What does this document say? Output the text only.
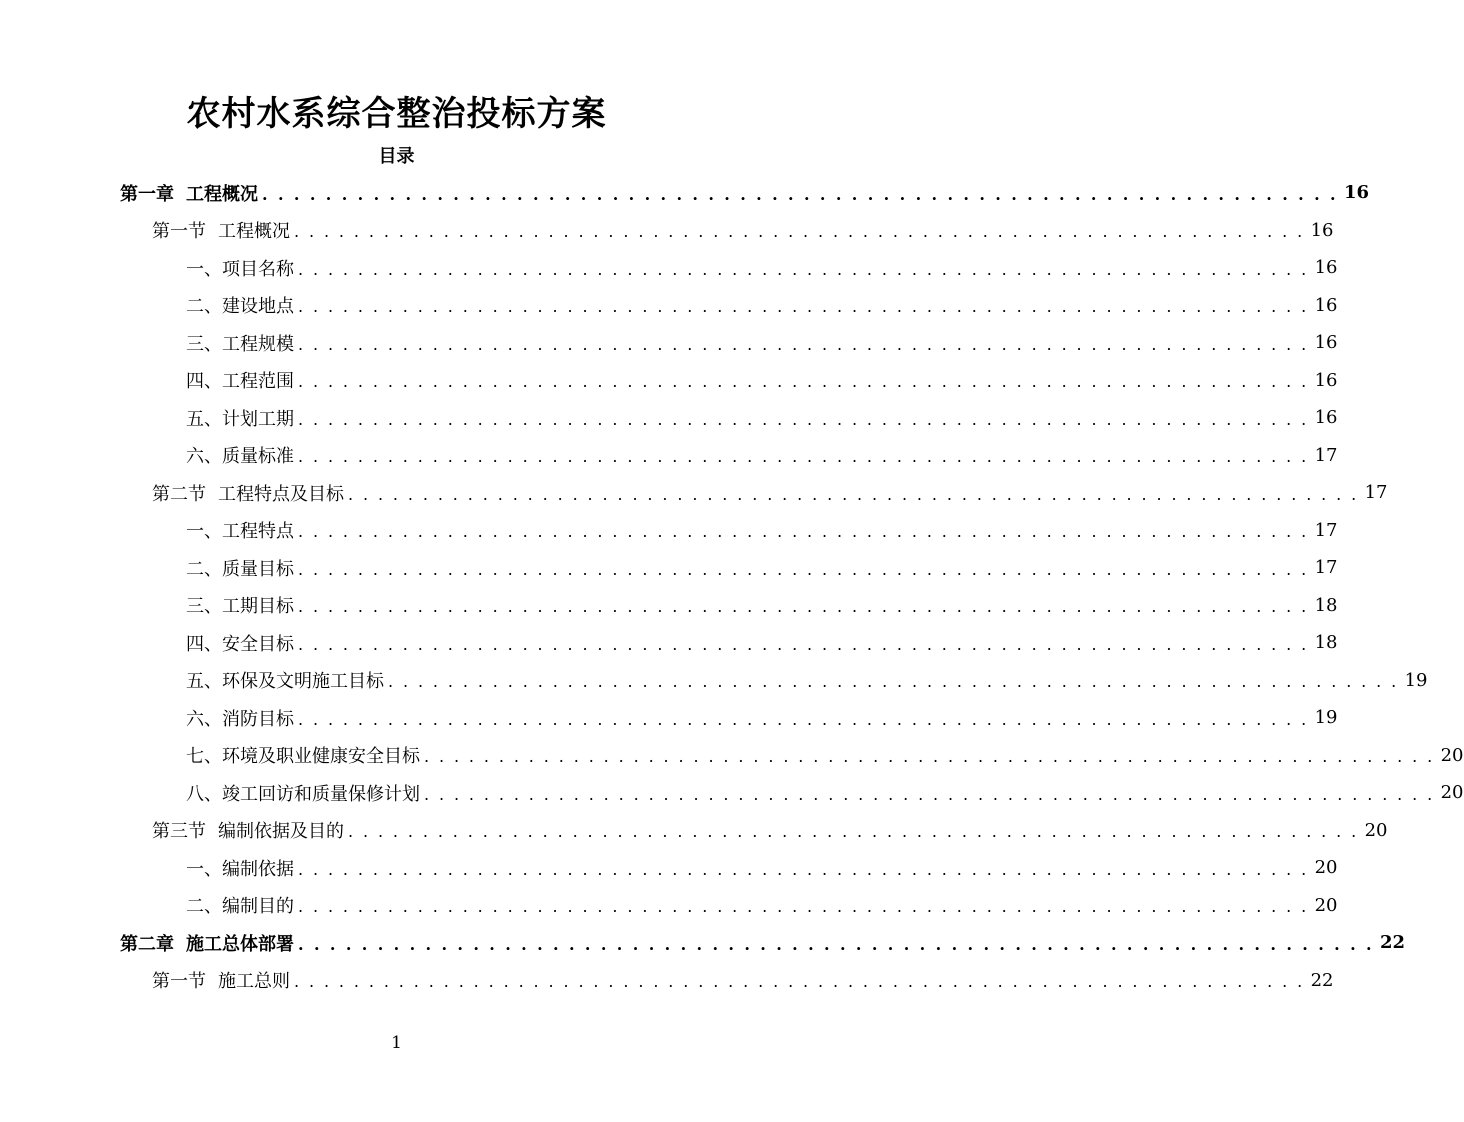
农村水系综合整治投标方案
目录
第一章 工程概况 . . . . . . . . . . . . . . . . . . . . . . . . . . . . . . . . . . . . . . . . . . . . . . . . . . . . . . . . . . . . . . . . . . . . 16
第一节 工程概况 . . . . . . . . . . . . . . . . . . . . . . . . . . . . . . . . . . . . . . . . . . . . . . . . . . . . . . . . . . . . . . . . . . . . 16
一、项目名称 . . . . . . . . . . . . . . . . . . . . . . . . . . . . . . . . . . . . . . . . . . . . . . . . . . . . . . . . . . . . . . . . . . . . 16
二、建设地点 . . . . . . . . . . . . . . . . . . . . . . . . . . . . . . . . . . . . . . . . . . . . . . . . . . . . . . . . . . . . . . . . . . . . 16
三、工程规模 . . . . . . . . . . . . . . . . . . . . . . . . . . . . . . . . . . . . . . . . . . . . . . . . . . . . . . . . . . . . . . . . . . . . 16
四、工程范围 . . . . . . . . . . . . . . . . . . . . . . . . . . . . . . . . . . . . . . . . . . . . . . . . . . . . . . . . . . . . . . . . . . . . 16
五、计划工期 . . . . . . . . . . . . . . . . . . . . . . . . . . . . . . . . . . . . . . . . . . . . . . . . . . . . . . . . . . . . . . . . . . . . 16
六、质量标准 . . . . . . . . . . . . . . . . . . . . . . . . . . . . . . . . . . . . . . . . . . . . . . . . . . . . . . . . . . . . . . . . . . . . 17
第二节 工程特点及目标 . . . . . . . . . . . . . . . . . . . . . . . . . . . . . . . . . . . . . . . . . . . . . . . . . . . . . . . . . . . . . . . . . . . . 17
一、工程特点 . . . . . . . . . . . . . . . . . . . . . . . . . . . . . . . . . . . . . . . . . . . . . . . . . . . . . . . . . . . . . . . . . . . . 17
二、质量目标 . . . . . . . . . . . . . . . . . . . . . . . . . . . . . . . . . . . . . . . . . . . . . . . . . . . . . . . . . . . . . . . . . . . . 17
三、工期目标 . . . . . . . . . . . . . . . . . . . . . . . . . . . . . . . . . . . . . . . . . . . . . . . . . . . . . . . . . . . . . . . . . . . . 18
四、安全目标 . . . . . . . . . . . . . . . . . . . . . . . . . . . . . . . . . . . . . . . . . . . . . . . . . . . . . . . . . . . . . . . . . . . . 18
五、环保及文明施工目标 . . . . . . . . . . . . . . . . . . . . . . . . . . . . . . . . . . . . . . . . . . . . . . . . . . . . . . . . . . . . . . . . . . . . 19
六、消防目标 . . . . . . . . . . . . . . . . . . . . . . . . . . . . . . . . . . . . . . . . . . . . . . . . . . . . . . . . . . . . . . . . . . . . 19
七、环境及职业健康安全目标 . . . . . . . . . . . . . . . . . . . . . . . . . . . . . . . . . . . . . . . . . . . . . . . . . . . . . . . . . . . . . . . . . . . . 20
八、竣工回访和质量保修计划 . . . . . . . . . . . . . . . . . . . . . . . . . . . . . . . . . . . . . . . . . . . . . . . . . . . . . . . . . . . . . . . . . . . . 20
第三节 编制依据及目的 . . . . . . . . . . . . . . . . . . . . . . . . . . . . . . . . . . . . . . . . . . . . . . . . . . . . . . . . . . . . . . . . . . . . 20
一、编制依据 . . . . . . . . . . . . . . . . . . . . . . . . . . . . . . . . . . . . . . . . . . . . . . . . . . . . . . . . . . . . . . . . . . . . 20
二、编制目的 . . . . . . . . . . . . . . . . . . . . . . . . . . . . . . . . . . . . . . . . . . . . . . . . . . . . . . . . . . . . . . . . . . . . 20
第二章 施工总体部署 . . . . . . . . . . . . . . . . . . . . . . . . . . . . . . . . . . . . . . . . . . . . . . . . . . . . . . . . . . . . . . . . . . . . 22
第一节 施工总则 . . . . . . . . . . . . . . . . . . . . . . . . . . . . . . . . . . . . . . . . . . . . . . . . . . . . . . . . . . . . . . . . . . . . 22
1
